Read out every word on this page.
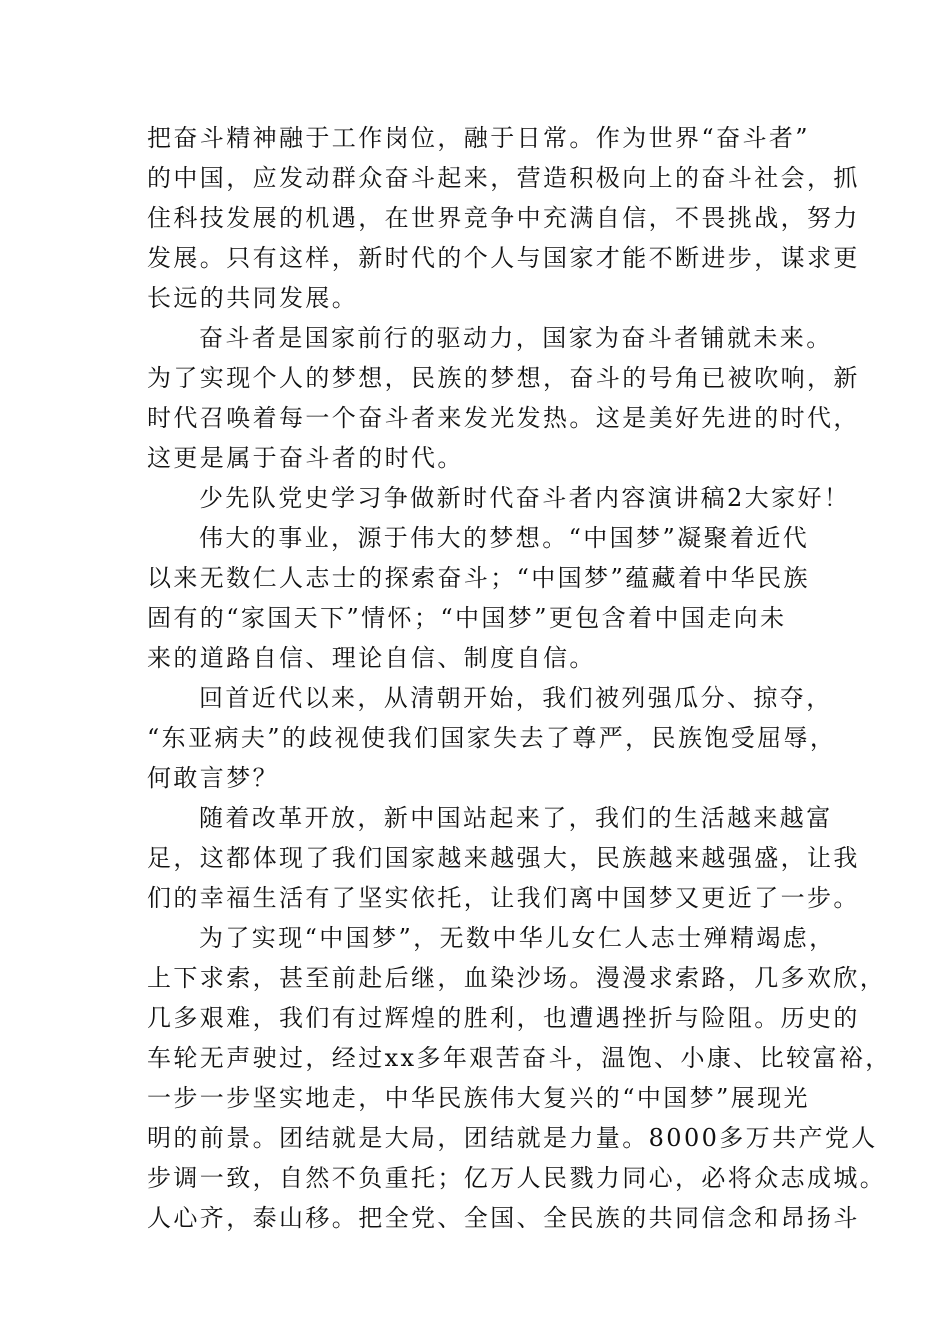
把奋斗精神融于工作岗位，融于日常。作为世界“奋斗者”
的中国，应发动群众奋斗起来，营造积极向上的奋斗社会，抓
住科技发展的机遇，在世界竞争中充满自信，不畏挑战，努力
发展。只有这样，新时代的个人与国家才能不断进步，谋求更
长远的共同发展。
奋斗者是国家前行的驱动力，国家为奋斗者铺就未来。
为了实现个人的梦想，民族的梦想，奋斗的号角已被吹响，新
时代召唤着每一个奋斗者来发光发热。这是美好先进的时代，
这更是属于奋斗者的时代。
少先队党史学习争做新时代奋斗者内容演讲稿2大家好！
伟大的事业，源于伟大的梦想。“中国梦”凝聚着近代
以来无数仁人志士的探索奋斗；“中国梦”蕴藏着中华民族
固有的“家国天下”情怀；“中国梦”更包含着中国走向未
来的道路自信、理论自信、制度自信。
回首近代以来，从清朝开始，我们被列强瓜分、掠夺，
“东亚病夫”的歧视使我们国家失去了尊严，民族饱受屈辱，
何敢言梦？
随着改革开放，新中国站起来了，我们的生活越来越富
足，这都体现了我们国家越来越强大，民族越来越强盛，让我
们的幸福生活有了坚实依托，让我们离中国梦又更近了一步。
为了实现“中国梦”，无数中华儿女仁人志士殚精竭虑，
上下求索，甚至前赴后继，血染沙场。漫漫求索路，几多欢欣，
几多艰难，我们有过辉煌的胜利，也遭遇挫折与险阻。历史的
车轮无声驶过，经过xx多年艰苦奋斗，温饱、小康、比较富裕，
一步一步坚实地走，中华民族伟大复兴的“中国梦”展现光
明的前景。团结就是大局，团结就是力量。8000多万共产党人
步调一致，自然不负重托；亿万人民戮力同心，必将众志成城。
人心齐，泰山移。把全党、全国、全民族的共同信念和昂扬斗
